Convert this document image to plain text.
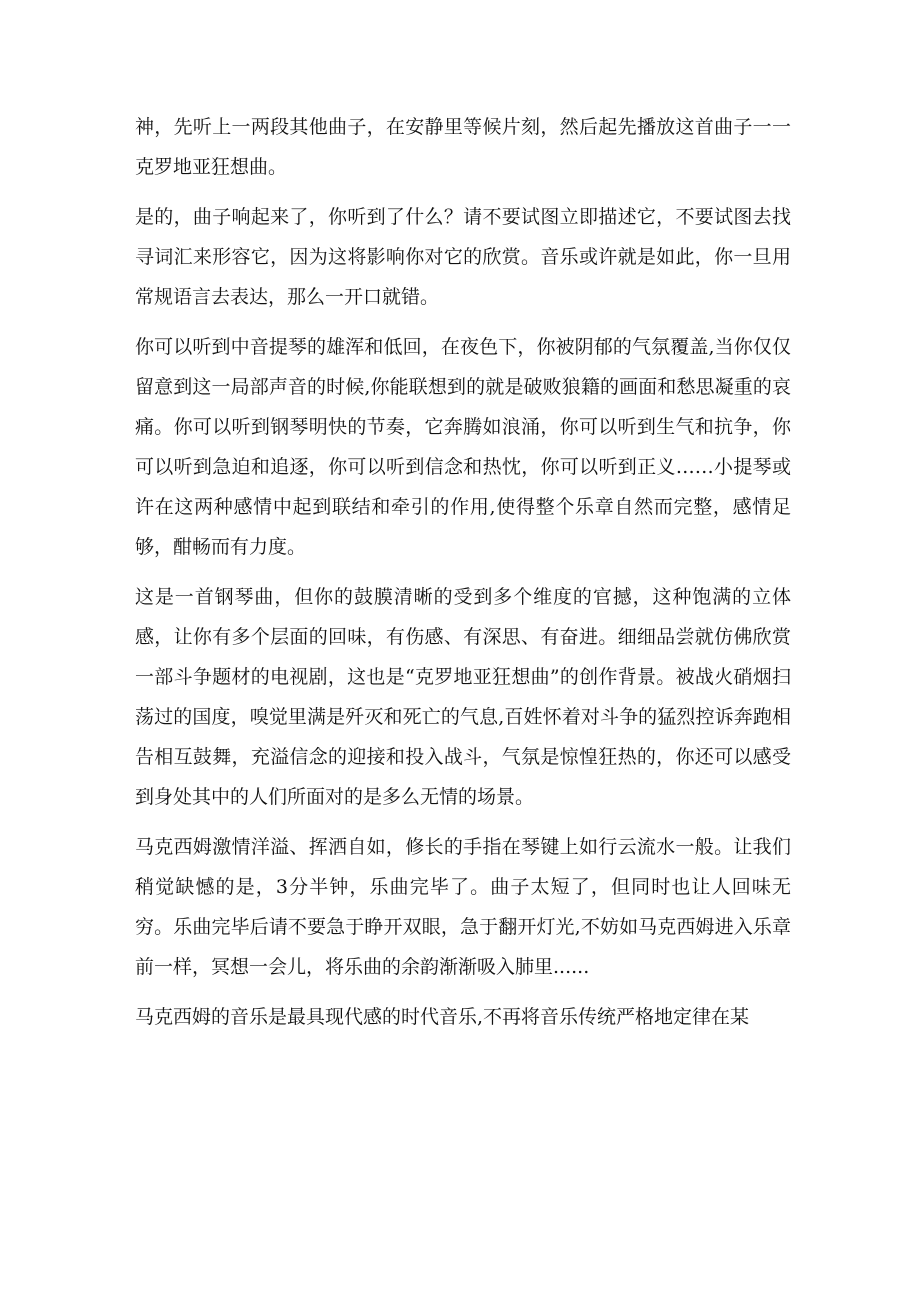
神，先听上一两段其他曲子，在安静里等候片刻，然后起先播放这首曲子一一克罗地亚狂想曲。

是的，曲子响起来了，你听到了什么？请不要试图立即描述它，不要试图去找寻词汇来形容它，因为这将影响你对它的欣赏。音乐或许就是如此，你一旦用常规语言去表达，那么一开口就错。

你可以听到中音提琴的雄浑和低回，在夜色下，你被阴郁的气氛覆盖,当你仅仅留意到这一局部声音的时候,你能联想到的就是破败狼籍的画面和愁思凝重的哀痛。你可以听到钢琴明快的节奏，它奔腾如浪涌，你可以听到生气和抗争，你可以听到急迫和追逐，你可以听到信念和热忱，你可以听到正义……小提琴或许在这两种感情中起到联结和牵引的作用,使得整个乐章自然而完整，感情足够，酣畅而有力度。

这是一首钢琴曲，但你的鼓膜清晰的受到多个维度的官撼，这种饱满的立体感，让你有多个层面的回味，有伤感、有深思、有奋进。细细品尝就仿佛欣赏一部斗争题材的电视剧，这也是“克罗地亚狂想曲”的创作背景。被战火硝烟扫荡过的国度，嗅觉里满是歼灭和死亡的气息,百姓怀着对斗争的猛烈控诉奔跑相告相互鼓舞，充溢信念的迎接和投入战斗，气氛是惊惶狂热的，你还可以感受到身处其中的人们所面对的是多么无情的场景。

马克西姆激情洋溢、挥洒自如，修长的手指在琴键上如行云流水一般。让我们稍觉缺憾的是，3分半钟，乐曲完毕了。曲子太短了，但同时也让人回味无穷。乐曲完毕后请不要急于睁开双眼，急于翻开灯光,不妨如马克西姆进入乐章前一样，冥想一会儿，将乐曲的余韵渐渐吸入肺里......

马克西姆的音乐是最具现代感的时代音乐,不再将音乐传统严格地定律在某
